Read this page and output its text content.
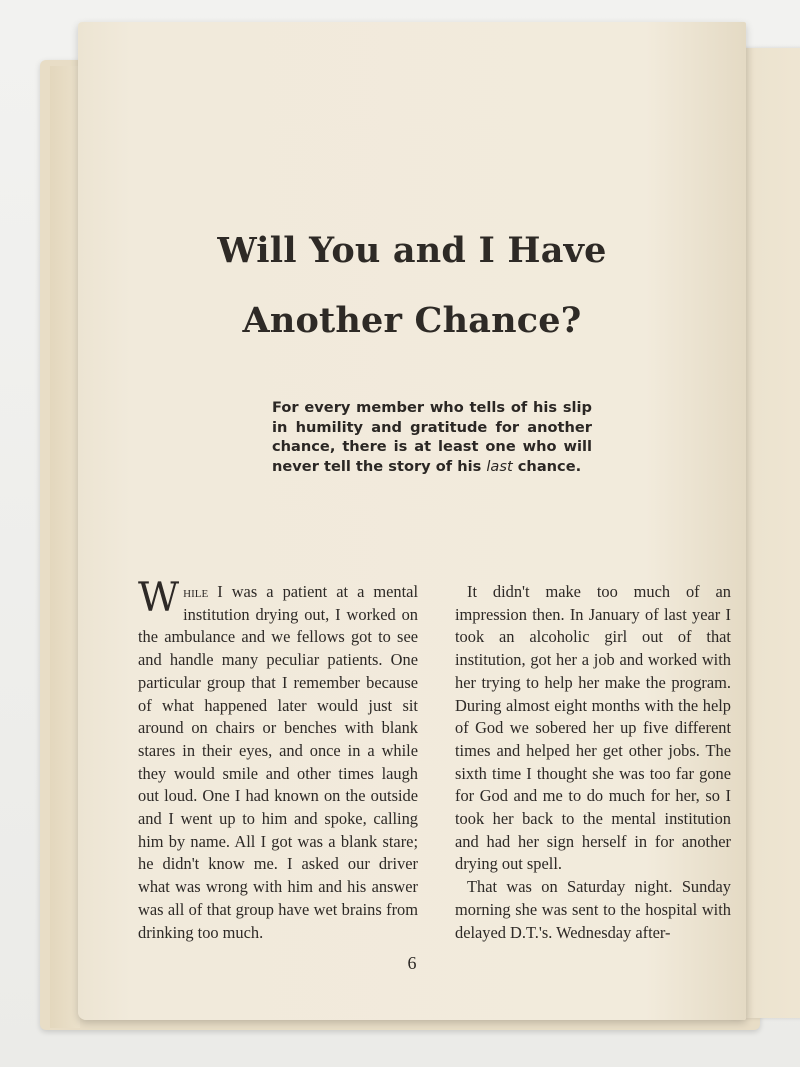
Will You and I Have
Another Chance?

For every member who tells of his slip in humility and gratitude for another chance, there is at least one who will never tell the story of his last chance.

While I was a patient at a mental institution drying out, I worked on the ambulance and we fellows got to see and handle many peculiar patients. One particular group that I remember because of what happened later would just sit around on chairs or benches with blank stares in their eyes, and once in a while they would smile and other times laugh out loud. One I had known on the outside and I went up to him and spoke, calling him by name. All I got was a blank stare; he didn't know me. I asked our driver what was wrong with him and his answer was all of that group have wet brains from drinking too much.

It didn't make too much of an impression then. In January of last year I took an alcoholic girl out of that institution, got her a job and worked with her trying to help her make the program. During almost eight months with the help of God we sobered her up five different times and helped her get other jobs. The sixth time I thought she was too far gone for God and me to do much for her, so I took her back to the mental institution and had her sign herself in for another drying out spell.

That was on Saturday night. Sunday morning she was sent to the hospital with delayed D.T.'s. Wednesday after-

6
